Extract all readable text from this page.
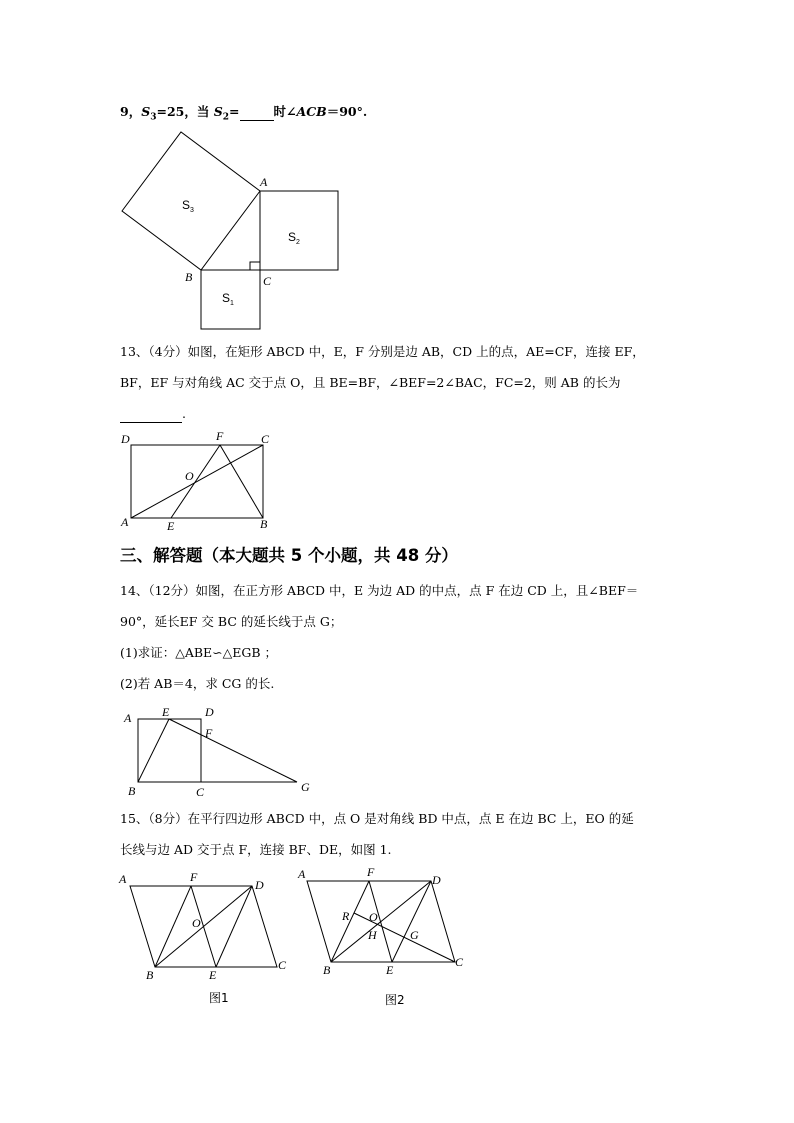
9，$S_3=25$，当 $S_2=$	时∠ACB＝90°.
A
B	C
$S_3$
$S_2$
$S_1$
13、（4分）如图，在矩形 ABCD 中，E，F 分别是边 AB，CD 上的点，AE=CF，连接 EF，
BF，EF 与对角线 AC 交于点 O，且 BE=BF，∠BEF=2∠BAC，FC=2，则 AB 的长为
.
D	F	C
O
A	E	B
三、解答题（本大题共 5 个小题，共 48 分）
14、（12分）如图，在正方形 ABCD 中，E 为边 AD 的中点，点 F 在边 CD 上，且∠BEF＝
90°，延长EF 交 BC 的延长线于点 G；
(1)求证：△ABE∽△EGB ；
(2)若 AB＝4，求 CG 的长.
A	E	D
F
B	C	G
15、（8分）在平行四边形 ABCD 中，点 O 是对角线 BD 中点，点 E 在边 BC 上，EO 的延
长线与边 AD 交于点 F，连接 BF、DE，如图 1.
A	F
D
O
B	E
C
图1
A	F
D
R O
H	G
B	E
C
图2
